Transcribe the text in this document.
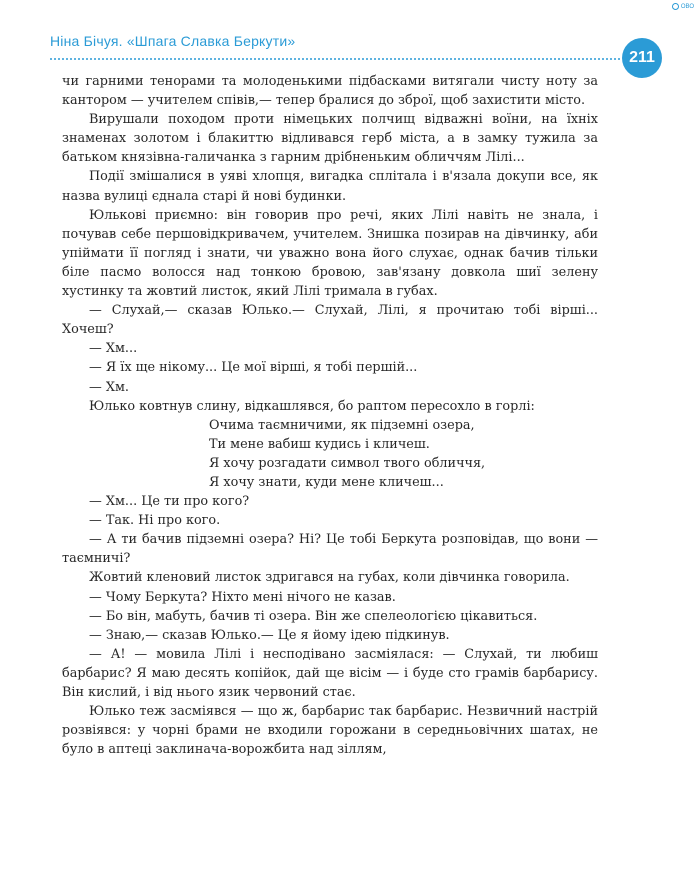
ОВО
Ніна Бічуя. «Шпага Славка Беркути»
211

чи гарними тенорами та молоденькими підбасками витягали чисту ноту за кантором — учителем співів,— тепер бралися до зброї, щоб захистити місто.

Вирушали походом проти німецьких полчищ відважні воїни, на їхніх знаменах золотом і блакиттю відливався герб міста, а в замку тужила за батьком князівна-галичанка з гарним дрібненьким обличчям Лілі...

Події змішалися в уяві хлопця, вигадка сплітала і в'язала докупи все, як назва вулиці єднала старі й нові будинки.

Юлькові приємно: він говорив про речі, яких Лілі навіть не знала, і почував себе першовідкривачем, учителем. Знишка позирав на дівчинку, аби упіймати її погляд і знати, чи уважно вона його слухає, однак бачив тільки біле пасмо волосся над тонкою бровою, зав'язану довкола шиї зелену хустинку та жовтий листок, який Лілі тримала в губах.

— Слухай,— сказав Юлько.— Слухай, Лілі, я прочитаю тобі вірші... Хочеш?

— Хм...

— Я їх ще нікому... Це мої вірші, я тобі першій...

— Хм.

Юлько ковтнув слину, відкашлявся, бо раптом пересохло в горлі:

Очима таємничими, як підземні озера,
Ти мене вабиш кудись і кличеш.
Я хочу розгадати символ твого обличчя,
Я хочу знати, куди мене кличеш...

— Хм... Це ти про кого?

— Так. Ні про кого.

— А ти бачив підземні озера? Ні? Це тобі Беркута розповідав, що вони — таємничі?

Жовтий кленовий листок здригався на губах, коли дівчинка говорила.

— Чому Беркута? Ніхто мені нічого не казав.

— Бо він, мабуть, бачив ті озера. Він же спелеологією цікавиться.

— Знаю,— сказав Юлько.— Це я йому ідею підкинув.

— А! — мовила Лілі і несподівано засміялася: — Слухай, ти любиш барбарис? Я маю десять копійок, дай ще вісім — і буде сто грамів барбарису. Він кислий, і від нього язик червоний стає.

Юлько теж засміявся — що ж, барбарис так барбарис. Незвичний настрій розвіявся: у чорні брами не входили горожани в середньовічних шатах, не було в аптеці заклинача-ворожбита над зіллям,
